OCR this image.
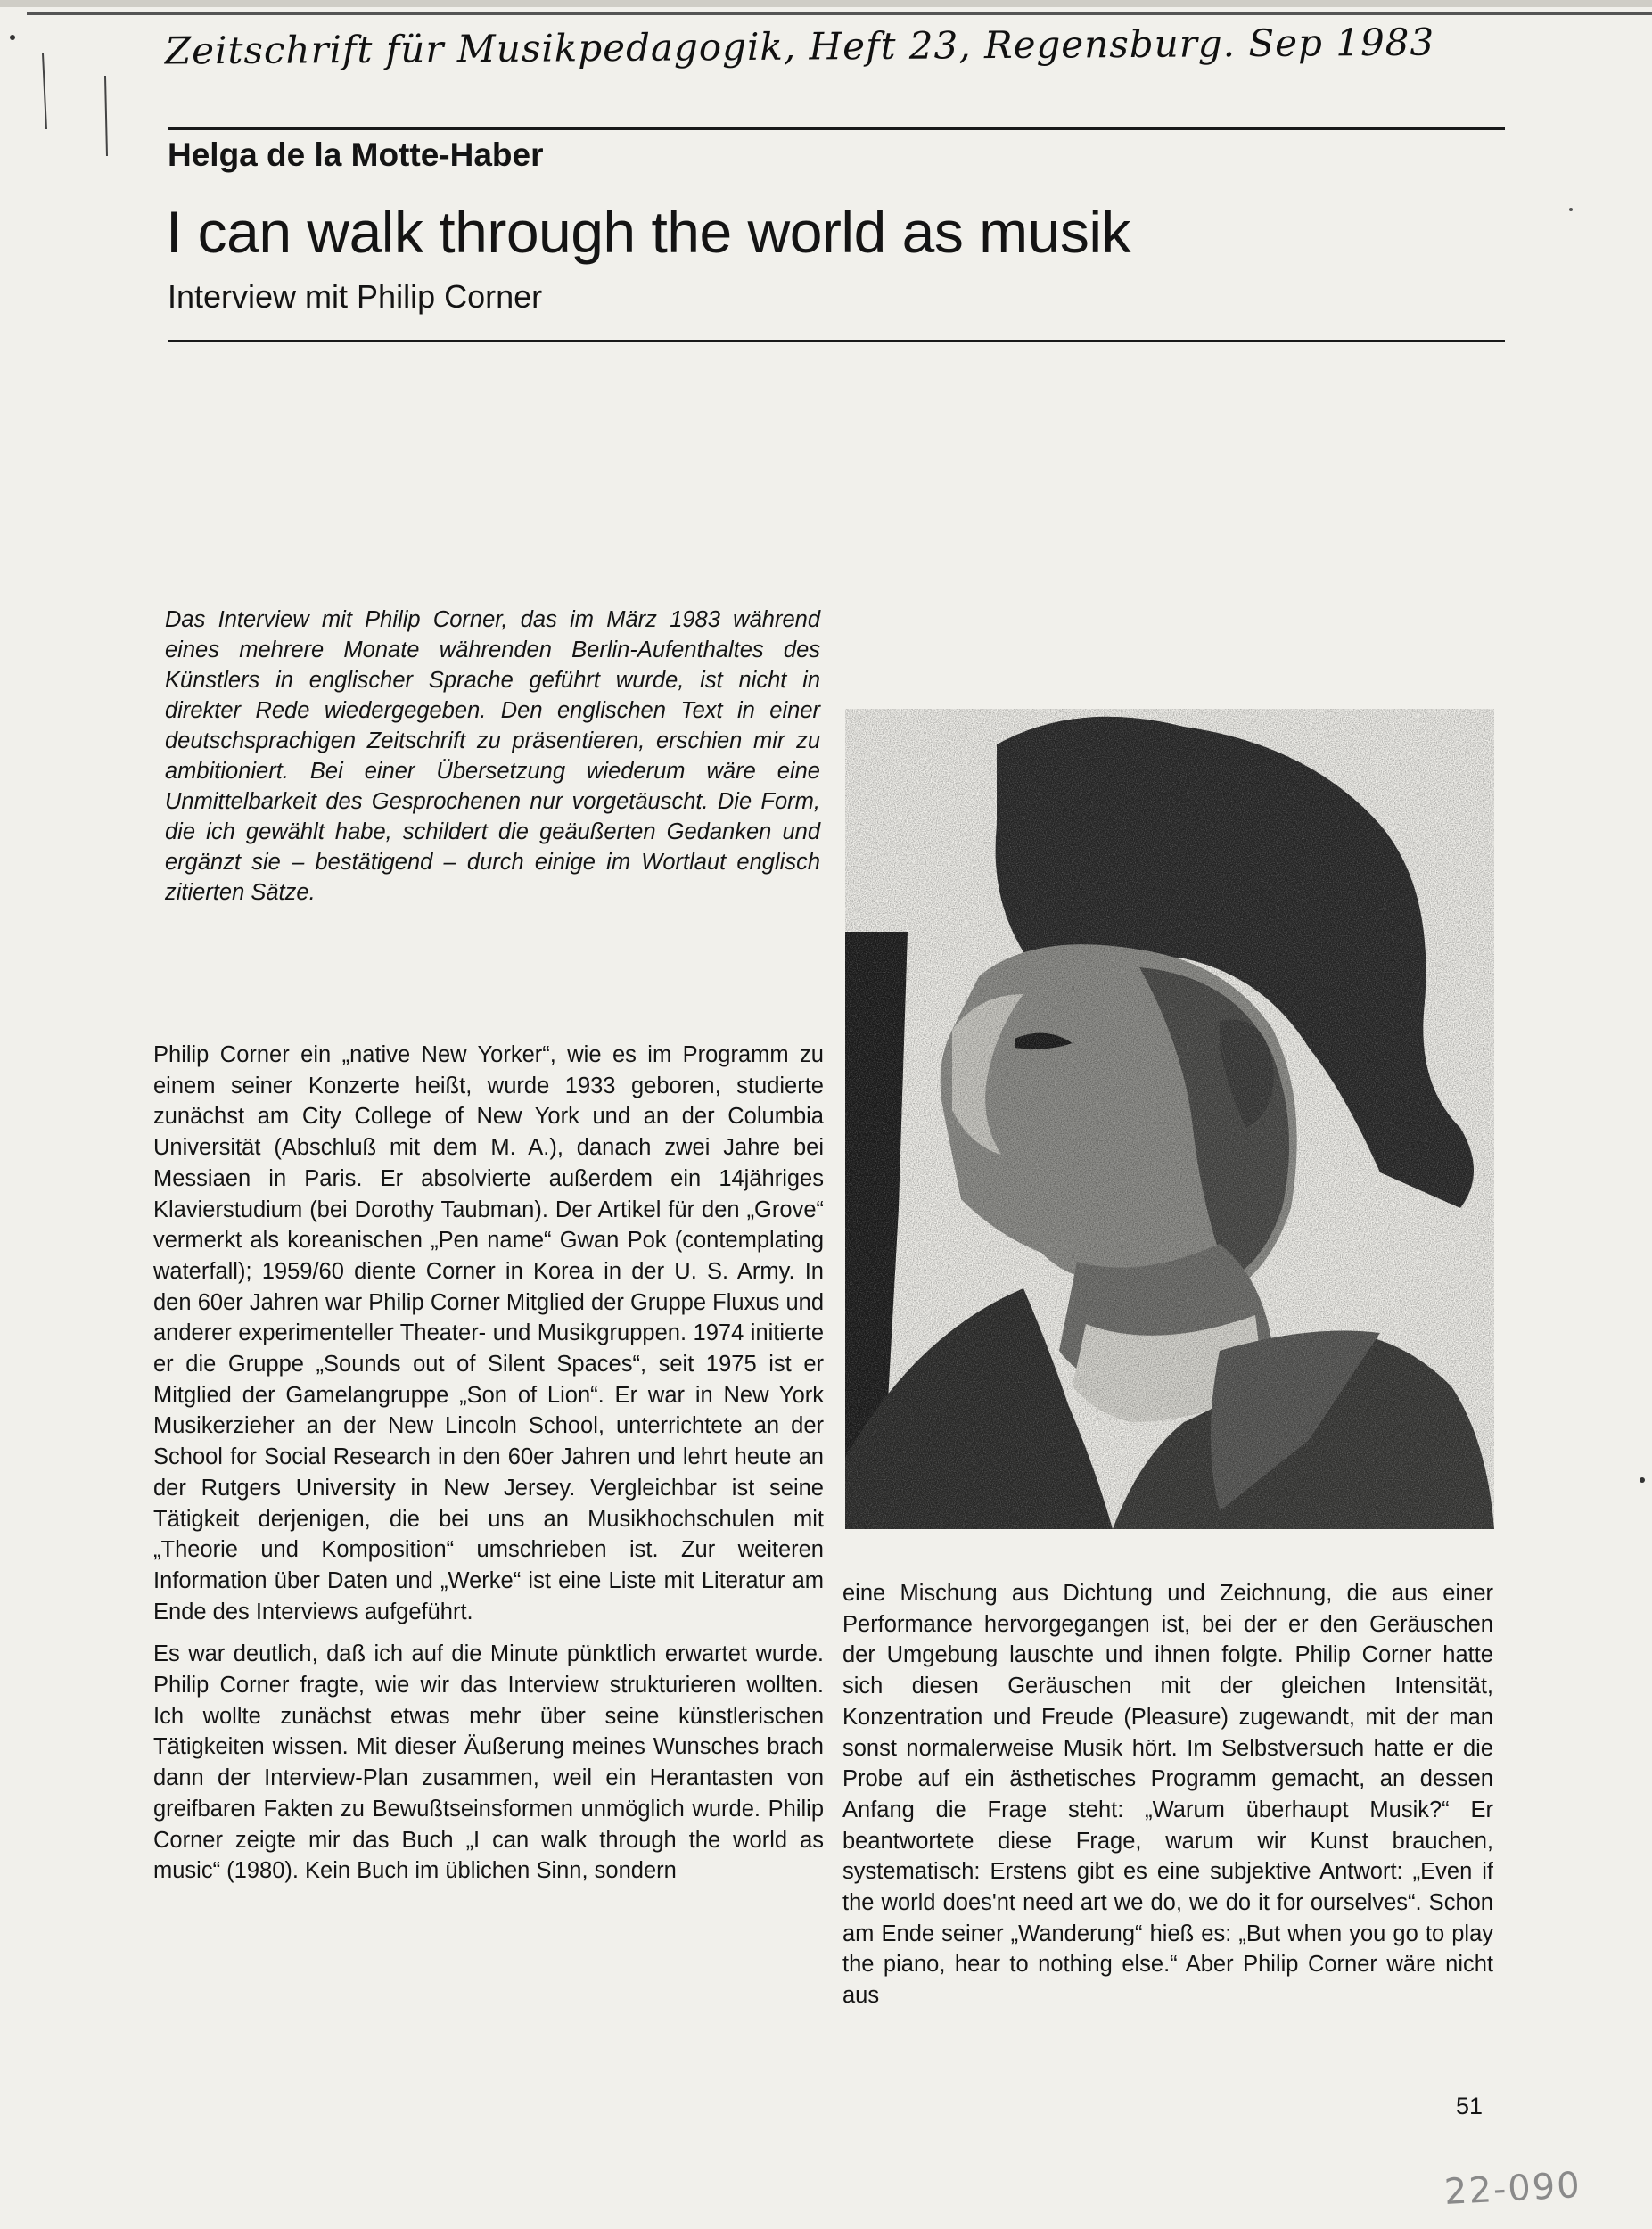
Zeitschrift für Musikpedagogik, Heft 23, Regensburg. Sep 1983
Helga de la Motte-Haber
I can walk through the world as musik
Interview mit Philip Corner

Das Interview mit Philip Corner, das im März 1983 während eines mehrere Monate währenden Berlin-Aufenthaltes des Künstlers in englischer Sprache geführt wurde, ist nicht in direkter Rede wiedergegeben. Den englischen Text in einer deutschsprachigen Zeitschrift zu präsentieren, erschien mir zu ambitioniert. Bei einer Übersetzung wiederum wäre eine Unmittelbarkeit des Gesprochenen nur vorgetäuscht. Die Form, die ich gewählt habe, schildert die geäußerten Gedanken und ergänzt sie – bestätigend – durch einige im Wortlaut englisch zitierten Sätze.

Philip Corner ein „native New Yorker“, wie es im Programm zu einem seiner Konzerte heißt, wurde 1933 geboren, studierte zunächst am City College of New York und an der Columbia Universität (Abschluß mit dem M. A.), danach zwei Jahre bei Messiaen in Paris. Er absolvierte außerdem ein 14jähriges Klavierstudium (bei Dorothy Taubman). Der Artikel für den „Grove“ vermerkt als koreanischen „Pen name“ Gwan Pok (contemplating waterfall); 1959/60 diente Corner in Korea in der U. S. Army. In den 60er Jahren war Philip Corner Mitglied der Gruppe Fluxus und anderer experimenteller Theater- und Musikgruppen. 1974 initierte er die Gruppe „Sounds out of Silent Spaces“, seit 1975 ist er Mitglied der Gamelangruppe „Son of Lion“. Er war in New York Musikerzieher an der New Lincoln School, unterrichtete an der School for Social Research in den 60er Jahren und lehrt heute an der Rutgers University in New Jersey. Vergleichbar ist seine Tätigkeit derjenigen, die bei uns an Musikhochschulen mit „Theorie und Komposition“ umschrieben ist. Zur weiteren Information über Daten und „Werke“ ist eine Liste mit Literatur am Ende des Interviews aufgeführt.

Es war deutlich, daß ich auf die Minute pünktlich erwartet wurde. Philip Corner fragte, wie wir das Interview strukturieren wollten. Ich wollte zunächst etwas mehr über seine künstlerischen Tätigkeiten wissen. Mit dieser Äußerung meines Wunsches brach dann der Interview-Plan zusammen, weil ein Herantasten von greifbaren Fakten zu Bewußtseinsformen unmöglich wurde. Philip Corner zeigte mir das Buch „I can walk through the world as music“ (1980). Kein Buch im üblichen Sinn, sondern

eine Mischung aus Dichtung und Zeichnung, die aus einer Performance hervorgegangen ist, bei der er den Geräuschen der Umgebung lauschte und ihnen folgte. Philip Corner hatte sich diesen Geräuschen mit der gleichen Intensität, Konzentration und Freude (Pleasure) zugewandt, mit der man sonst normalerweise Musik hört. Im Selbstversuch hatte er die Probe auf ein ästhetisches Programm gemacht, an dessen Anfang die Frage steht: „Warum überhaupt Musik?“ Er beantwortete diese Frage, warum wir Kunst brauchen, systematisch: Erstens gibt es eine subjektive Antwort: „Even if the world does'nt need art we do, we do it for ourselves“. Schon am Ende seiner „Wanderung“ hieß es: „But when you go to play the piano, hear to nothing else.“ Aber Philip Corner wäre nicht aus

51
22-090
